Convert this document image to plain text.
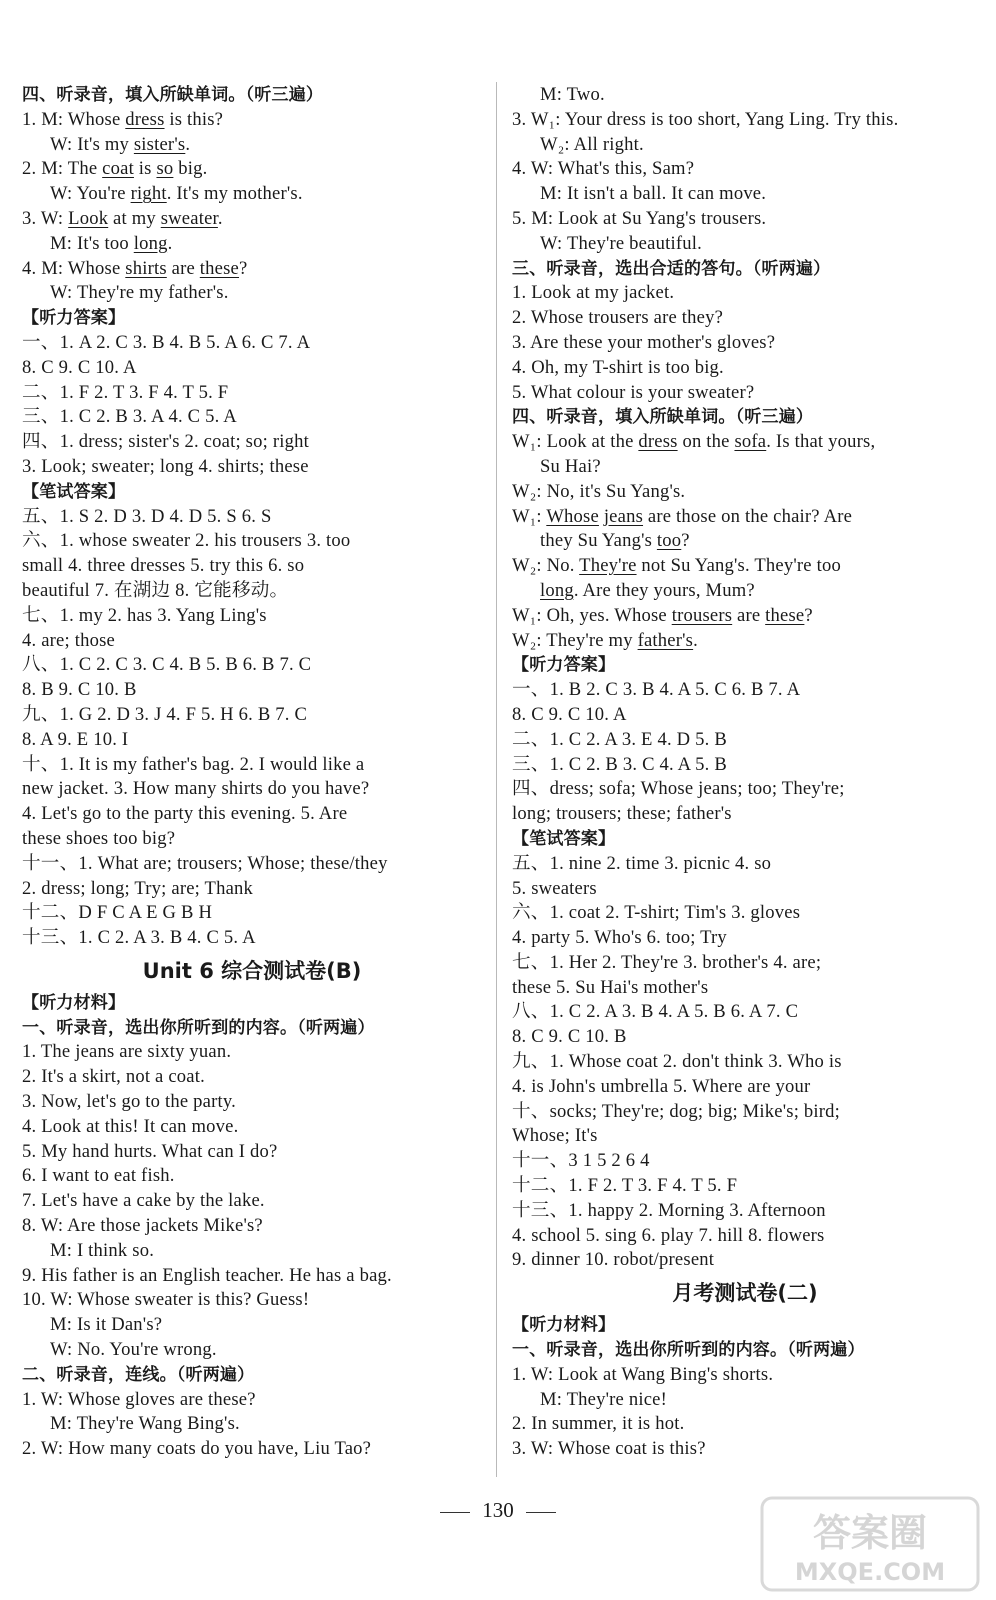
四、听录音，填入所缺单词。（听三遍）
1. M: Whose dress is this?
W: It's my sister's.
2. M: The coat is so big.
W: You're right. It's my mother's.
3. W: Look at my sweater.
M: It's too long.
4. M: Whose shirts are these?
W: They're my father's.
【听力答案】
一、1. A 2. C 3. B 4. B 5. A 6. C 7. A
8. C 9. C 10. A
二、1. F 2. T 3. F 4. T 5. F
三、1. C 2. B 3. A 4. C 5. A
四、1. dress; sister's 2. coat; so; right
3. Look; sweater; long 4. shirts; these
【笔试答案】
五、1. S 2. D 3. D 4. D 5. S 6. S
六、1. whose sweater 2. his trousers 3. too
small 4. three dresses 5. try this 6. so
beautiful 7. 在湖边 8. 它能移动。
七、1. my 2. has 3. Yang Ling's
4. are; those
八、1. C 2. C 3. C 4. B 5. B 6. B 7. C
8. B 9. C 10. B
九、1. G 2. D 3. J 4. F 5. H 6. B 7. C
8. A 9. E 10. I
十、1. It is my father's bag. 2. I would like a
new jacket. 3. How many shirts do you have?
4. Let's go to the party this evening. 5. Are
these shoes too big?
十一、1. What are; trousers; Whose; these/they
2. dress; long; Try; are; Thank
十二、D F C A E G B H
十三、1. C 2. A 3. B 4. C 5. A
Unit 6 综合测试卷(B)
【听力材料】
一、听录音，选出你所听到的内容。（听两遍）
1. The jeans are sixty yuan.
2. It's a skirt, not a coat.
3. Now, let's go to the party.
4. Look at this! It can move.
5. My hand hurts. What can I do?
6. I want to eat fish.
7. Let's have a cake by the lake.
8. W: Are those jackets Mike's?
M: I think so.
9. His father is an English teacher. He has a bag.
10. W: Whose sweater is this? Guess!
M: Is it Dan's?
W: No. You're wrong.
二、听录音，连线。（听两遍）
1. W: Whose gloves are these?
M: They're Wang Bing's.
2. W: How many coats do you have, Liu Tao?
M: Two.
3. W₁: Your dress is too short, Yang Ling. Try this.
W₂: All right.
4. W: What's this, Sam?
M: It isn't a ball. It can move.
5. M: Look at Su Yang's trousers.
W: They're beautiful.
三、听录音，选出合适的答句。（听两遍）
1. Look at my jacket.
2. Whose trousers are they?
3. Are these your mother's gloves?
4. Oh, my T-shirt is too big.
5. What colour is your sweater?
四、听录音，填入所缺单词。（听三遍）
W₁: Look at the dress on the sofa. Is that yours,
Su Hai?
W₂: No, it's Su Yang's.
W₁: Whose jeans are those on the chair? Are
they Su Yang's too?
W₂: No. They're not Su Yang's. They're too
long. Are they yours, Mum?
W₁: Oh, yes. Whose trousers are these?
W₂: They're my father's.
【听力答案】
一、1. B 2. C 3. B 4. A 5. C 6. B 7. A
8. C 9. C 10. A
二、1. C 2. A 3. E 4. D 5. B
三、1. C 2. B 3. C 4. A 5. B
四、dress; sofa; Whose jeans; too; They're;
long; trousers; these; father's
【笔试答案】
五、1. nine 2. time 3. picnic 4. so
5. sweaters
六、1. coat 2. T-shirt; Tim's 3. gloves
4. party 5. Who's 6. too; Try
七、1. Her 2. They're 3. brother's 4. are;
these 5. Su Hai's mother's
八、1. C 2. A 3. B 4. A 5. B 6. A 7. C
8. C 9. C 10. B
九、1. Whose coat 2. don't think 3. Who is
4. is John's umbrella 5. Where are your
十、socks; They're; dog; big; Mike's; bird;
Whose; It's
十一、3 1 5 2 6 4
十二、1. F 2. T 3. F 4. T 5. F
十三、1. happy 2. Morning 3. Afternoon
4. school 5. sing 6. play 7. hill 8. flowers
9. dinner 10. robot/present
月考测试卷(二)
【听力材料】
一、听录音，选出你所听到的内容。（听两遍）
1. W: Look at Wang Bing's shorts.
M: They're nice!
2. In summer, it is hot.
3. W: Whose coat is this?
130
答案圈
MXQE.COM
